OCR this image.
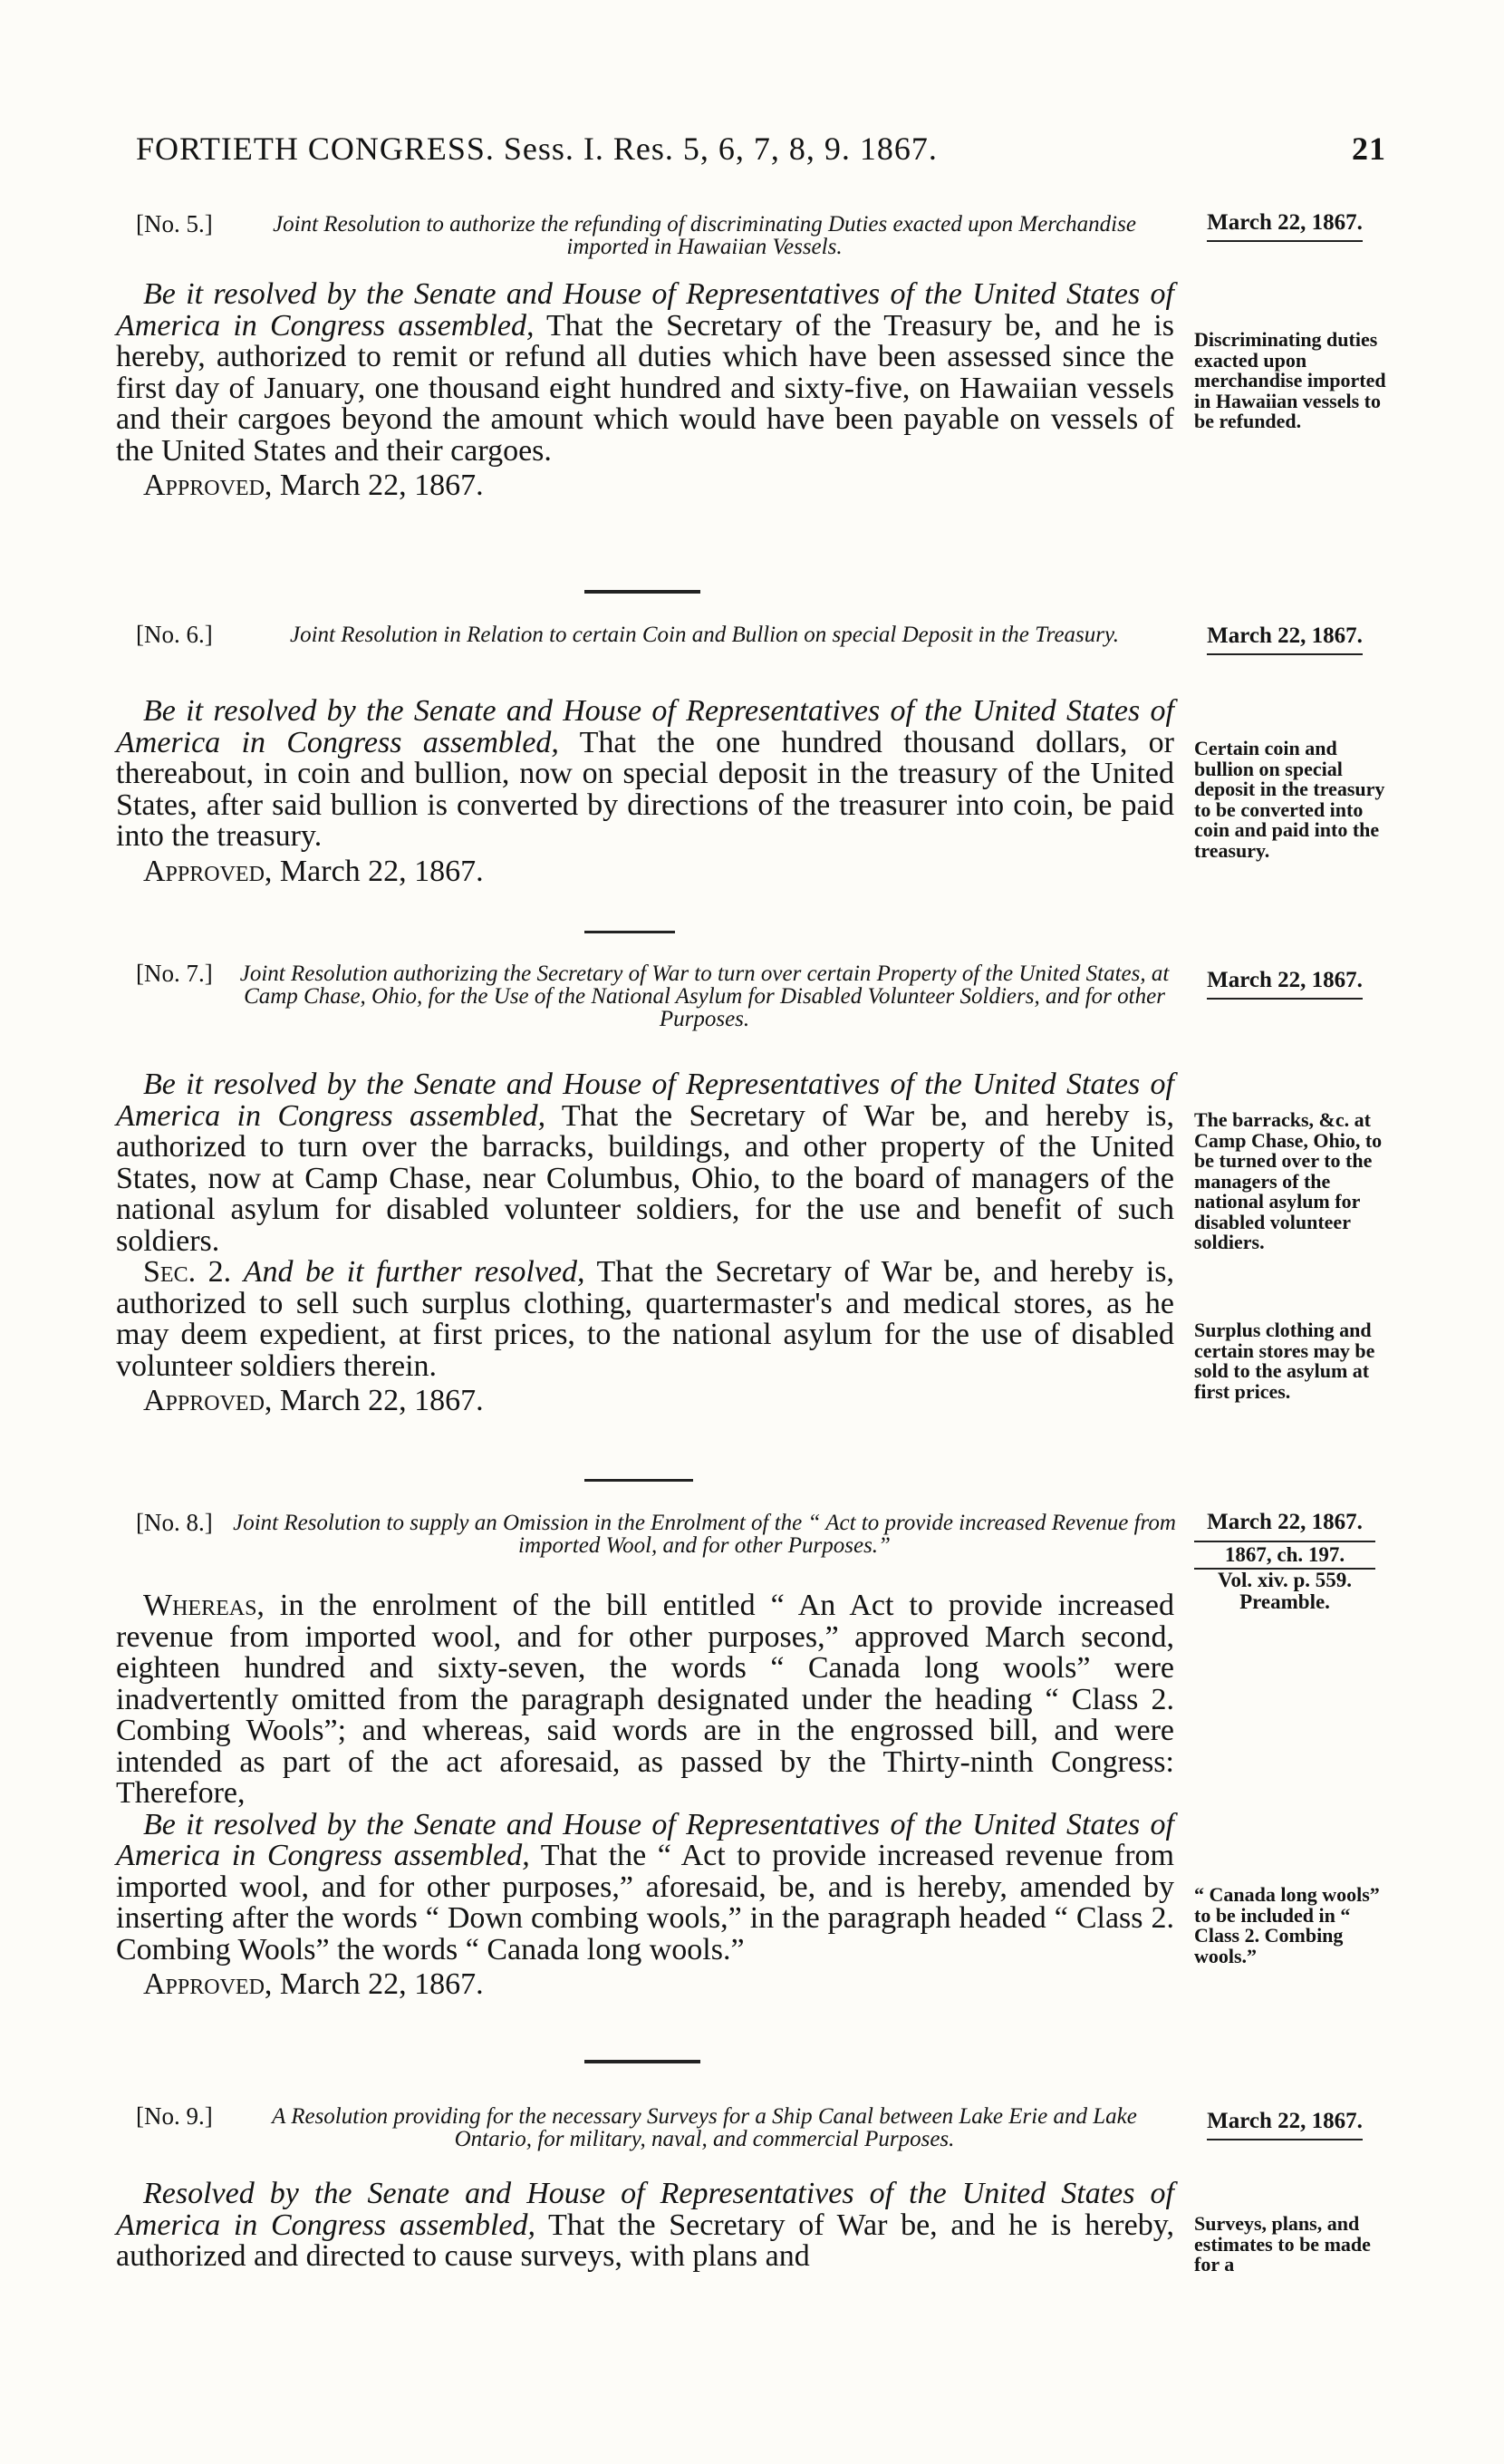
FORTIETH CONGRESS. Sess. I. Res. 5, 6, 7, 8, 9. 1867.	21
[No. 5.]	Joint Resolution to authorize the refunding of discriminating Duties exacted upon Merchandise imported in Hawaiian Vessels.
March 22, 1867.

Be it resolved by the Senate and House of Representatives of the United States of America in Congress assembled, That the Secretary of the Treasury be, and he is hereby, authorized to remit or refund all duties which have been assessed since the first day of January, one thousand eight hundred and sixty-five, on Hawaiian vessels and their cargoes beyond the amount which would have been payable on vessels of the United States and their cargoes.

Approved, March 22, 1867.

Discriminating duties exacted upon merchandise imported in Hawaiian vessels to be refunded.
[No. 6.]	Joint Resolution in Relation to certain Coin and Bullion on special Deposit in the Treasury.	March 22, 1867.

Be it resolved by the Senate and House of Representatives of the United States of America in Congress assembled, That the one hundred thousand dollars, or thereabout, in coin and bullion, now on special deposit in the treasury of the United States, after said bullion is converted by directions of the treasurer into coin, be paid into the treasury.

Approved, March 22, 1867.

Certain coin and bullion on special deposit in the treasury to be converted into coin and paid into the treasury.
[No. 7.]	Joint Resolution authorizing the Secretary of War to turn over certain Property of the United States, at Camp Chase, Ohio, for the Use of the National Asylum for Disabled Volunteer Soldiers, and for other Purposes.
March 22, 1867.

Be it resolved by the Senate and House of Representatives of the United States of America in Congress assembled, That the Secretary of War be, and hereby is, authorized to turn over the barracks, buildings, and other property of the United States, now at Camp Chase, near Columbus, Ohio, to the board of managers of the national asylum for disabled volunteer soldiers, for the use and benefit of such soldiers.

Sec. 2. And be it further resolved, That the Secretary of War be, and hereby is, authorized to sell such surplus clothing, quartermaster's and medical stores, as he may deem expedient, at first prices, to the national asylum for the use of disabled volunteer soldiers therein.

Approved, March 22, 1867.

The barracks, &c. at Camp Chase, Ohio, to be turned over to the managers of the national asylum for disabled volunteer soldiers.
Surplus clothing and certain stores may be sold to the asylum at first prices.
[No. 8.] Joint Resolution to supply an Omission in the Enrolment of the “ Act to provide increased Revenue from imported Wool, and for other Purposes.”
March 22, 1867.
1867, ch. 197.
Vol. xiv. p. 559.
Preamble.

Whereas, in the enrolment of the bill entitled “ An Act to provide increased revenue from imported wool, and for other purposes,” approved March second, eighteen hundred and sixty-seven, the words “ Canada long wools” were inadvertently omitted from the paragraph designated under the heading “ Class 2. Combing Wools”; and whereas, said words are in the engrossed bill, and were intended as part of the act aforesaid, as passed by the Thirty-ninth Congress: Therefore,

Be it resolved by the Senate and House of Representatives of the United States of America in Congress assembled, That the “ Act to provide increased revenue from imported wool, and for other purposes,” aforesaid, be, and is hereby, amended by inserting after the words “ Down combing wools,” in the paragraph headed “ Class 2. Combing Wools” the words “ Canada long wools.”

Approved, March 22, 1867.

“ Canada long wools” to be included in “ Class 2. Combing wools.”
[No. 9.]	A Resolution providing for the necessary Surveys for a Ship Canal between Lake Erie and Lake Ontario, for military, naval, and commercial Purposes.
March 22, 1867.

Resolved by the Senate and House of Representatives of the United States of America in Congress assembled, That the Secretary of War be, and he is hereby, authorized and directed to cause surveys, with plans and

Surveys, plans, and estimates to be made for a
